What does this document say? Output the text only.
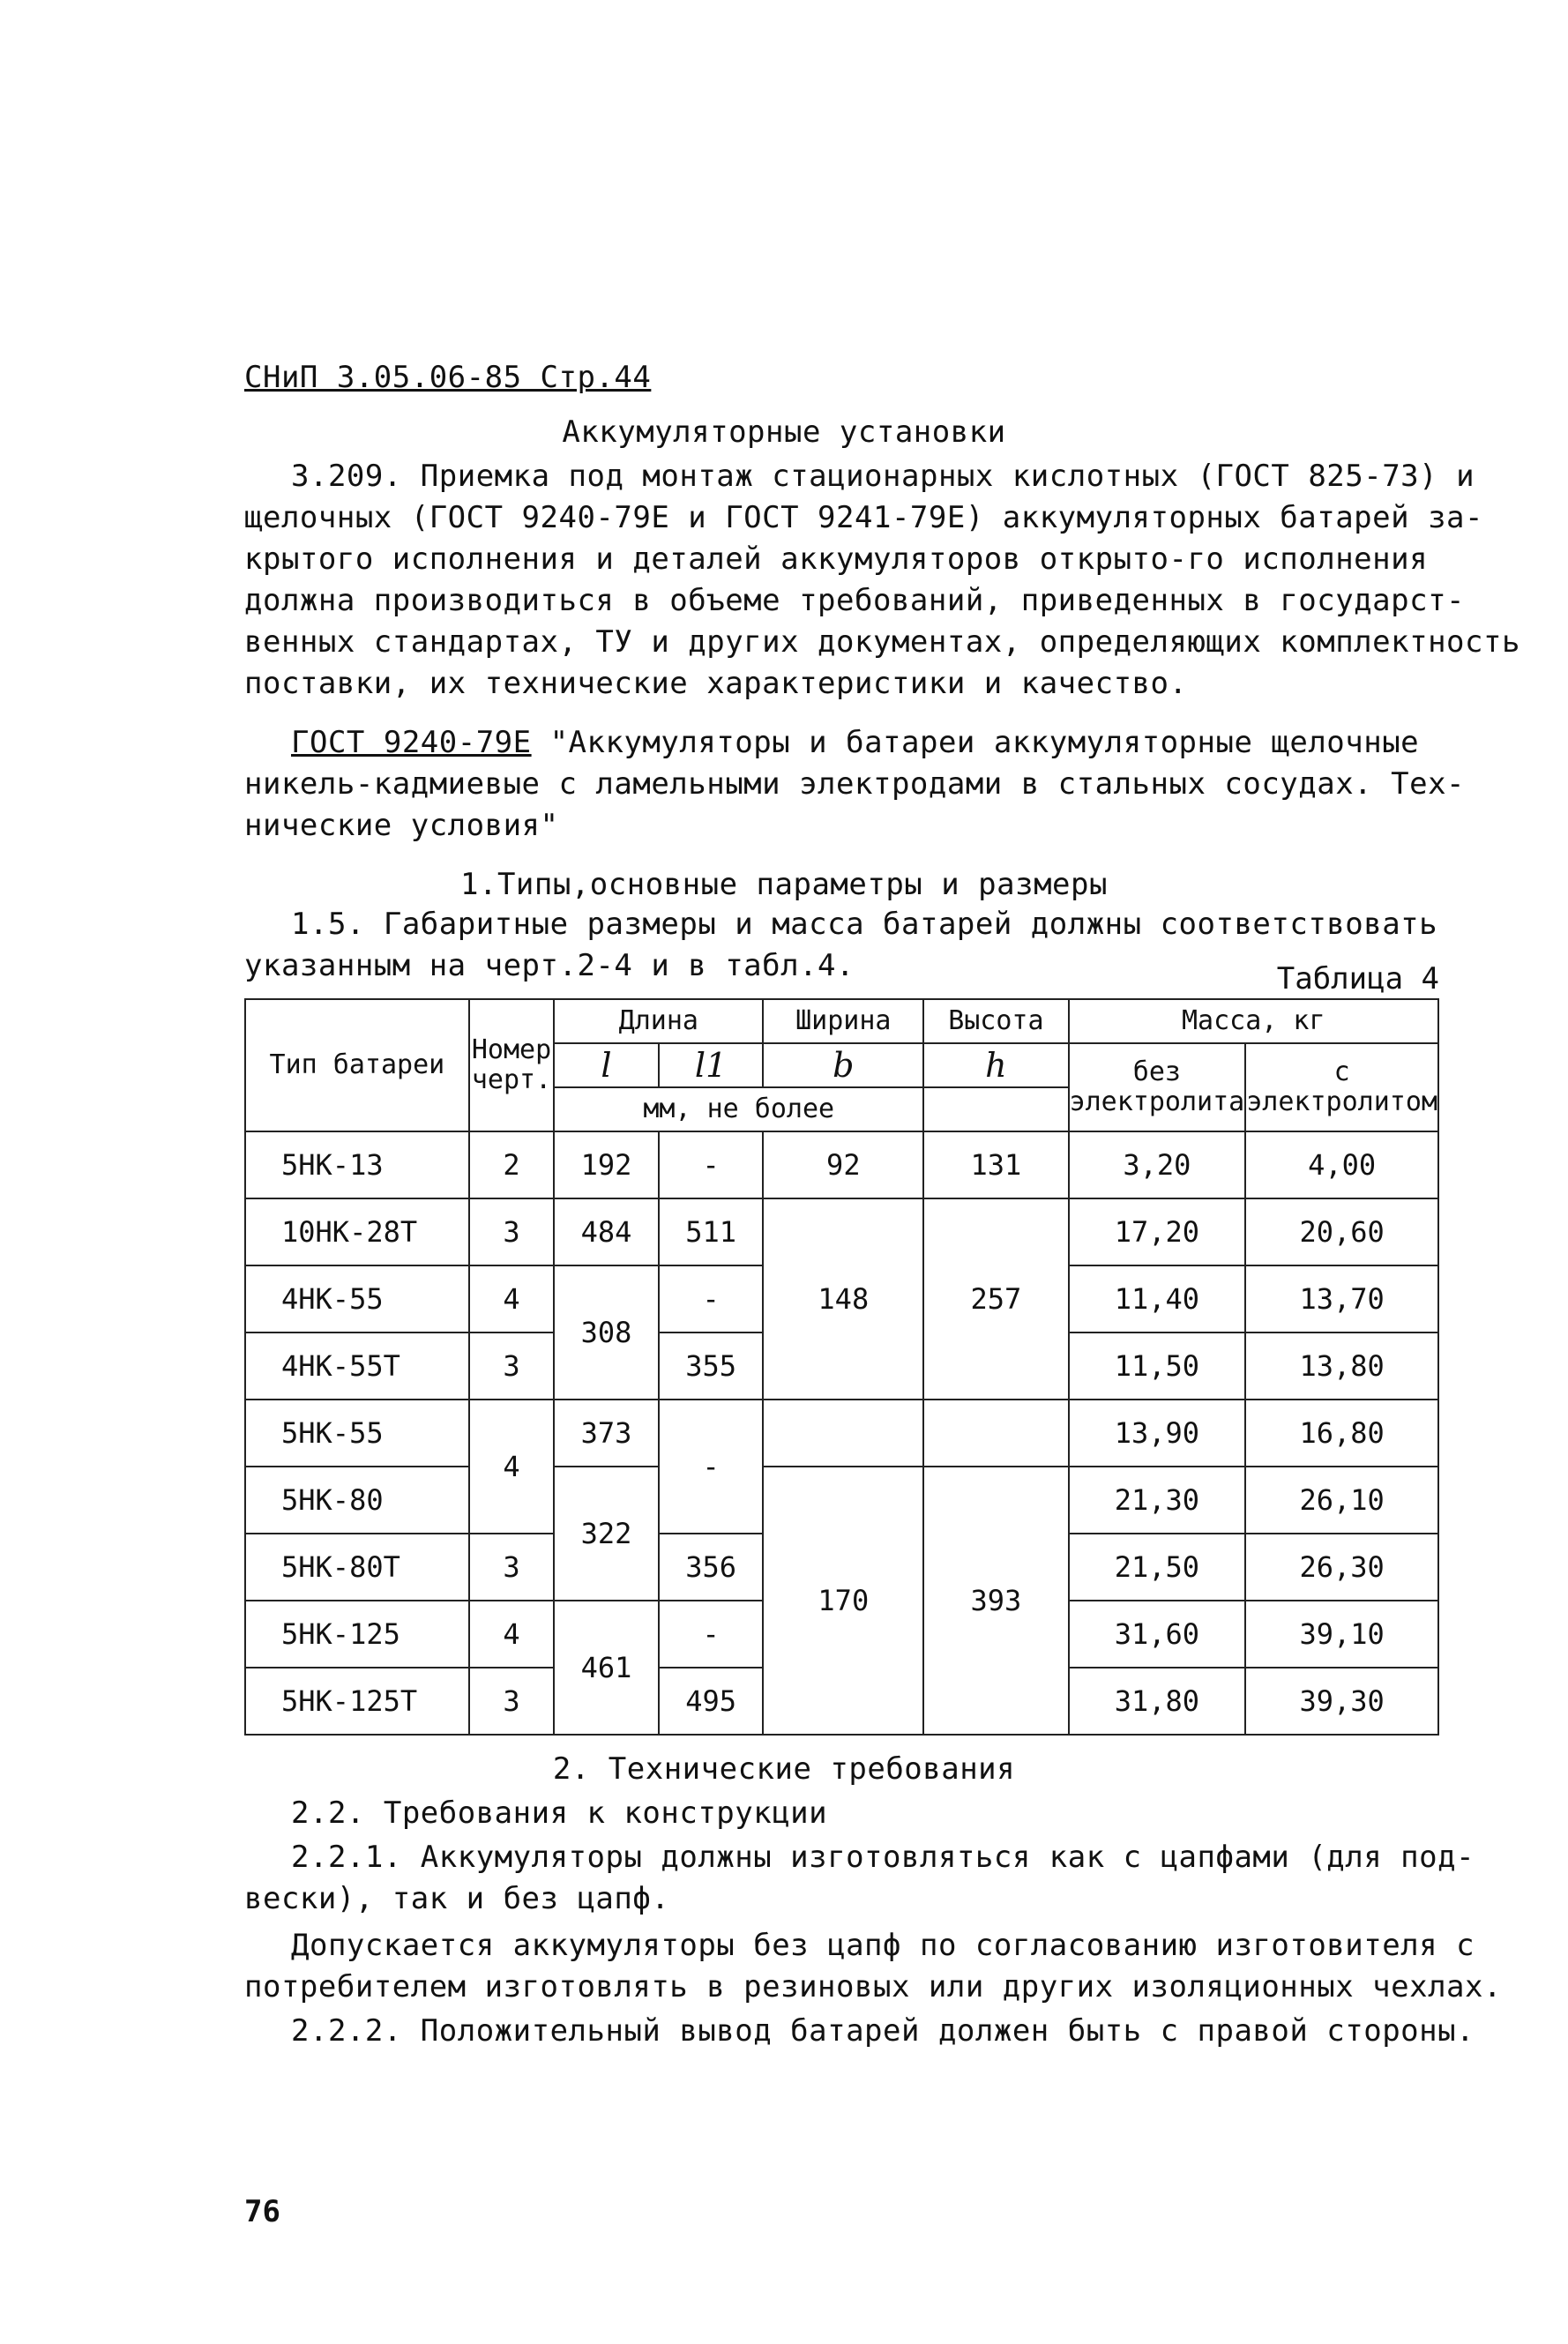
СНиП 3.05.06-85 Стр.44
Аккумуляторные установки
3.209. Приемка под монтаж стационарных кислотных (ГОСТ 825-73) и
щелочных (ГОСТ 9240-79Е и ГОСТ 9241-79Е) аккумуляторных батарей за-
крытого исполнения и деталей аккумуляторов открыто-го исполнения
должна производиться в объеме требований, приведенных в государст-
венных стандартах, ТУ и других документах, определяющих комплектность
поставки, их технические характеристики и качество.
ГОСТ 9240-79Е "Аккумуляторы и батареи аккумуляторные щелочные
никель-кадмиевые с ламельными электродами в стальных сосудах. Тех-
нические условия"
1.Типы,основные параметры и размеры
1.5. Габаритные размеры и масса батарей должны соответствовать
указанным на черт.2-4 и в табл.4.	Таблица 4
Тип батареи	Номер черт.	Длина		Ширина	Высота	Масса, кг	
		l	l1	b	h	без электролита	с электролитом
		мм, не более					
5НК-13	2	192	-	92	131	3,20	4,00
10НК-28Т	3	484	511	148	257	17,20	20,60
4НК-55	4	308	-			11,40	13,70
4НК-55Т	3		355			11,50	13,80
5НК-55	4	373	-			13,90	16,80
5НК-80		322		170	393	21,30	26,10
5НК-80Т	3		356			21,50	26,30
5НК-125	4	461	-			31,60	39,10
5НК-125Т	3		495			31,80	39,30
2. Технические требования
2.2. Требования к конструкции
2.2.1. Аккумуляторы должны изготовляться как с цапфами (для под-
вески), так и без цапф.
Допускается аккумуляторы без цапф по согласованию изготовителя с
потребителем изготовлять в резиновых или других изоляционных чехлах.
2.2.2. Положительный вывод батарей должен быть с правой стороны.
76
